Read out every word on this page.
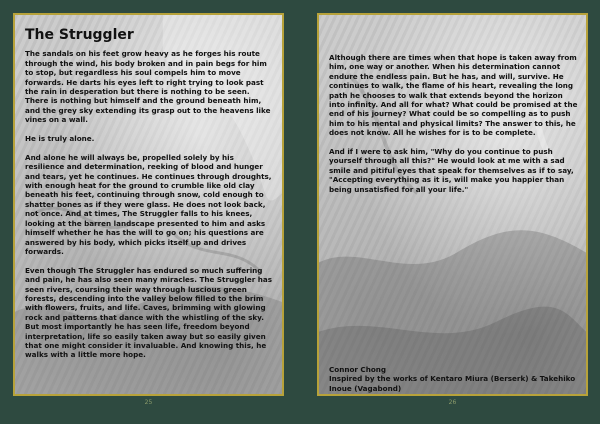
The Struggler

The sandals on his feet grow heavy as he forges his route through the wind, his body broken and in pain begs for him to stop, but regardless his soul compels him to move forwards. He darts his eyes left to right trying to look past the rain in desperation but there is nothing to be seen. There is nothing but himself and the ground beneath him, and the grey sky extending its grasp out to the heavens like vines on a wall.

He is truly alone.

And alone he will always be, propelled solely by his resilience and determination, reeking of blood and hunger and tears, yet he continues. He continues through droughts, with enough heat for the ground to crumble like old clay beneath his feet, continuing through snow, cold enough to shatter bones as if they were glass. He does not look back, not once. And at times, The Struggler falls to his knees, looking at the barren landscape presented to him and asks himself whether he has the will to go on; his questions are answered by his body, which picks itself up and drives forwards.

Even though The Struggler has endured so much suffering and pain, he has also seen many miracles. The Struggler has seen rivers, coursing their way through luscious green forests, descending into the valley below filled to the brim with flowers, fruits, and life. Caves, brimming with glowing rock and patterns that dance with the whistling of the sky. But most importantly he has seen life, freedom beyond interpretation, life so easily taken away but so easily given that one might consider it invaluable. And knowing this, he walks with a little more hope.

25

Although there are times when that hope is taken away from him, one way or another. When his determination cannot endure the endless pain. But he has, and will, survive. He continues to walk, the flame of his heart, revealing the long path he chooses to walk that extends beyond the horizon into infinity. And all for what? What could be promised at the end of his journey? What could be so compelling as to push him to his mental and physical limits? The answer to this, he does not know. All he wishes for is to be complete.

And if I were to ask him, "Why do you continue to push yourself through all this?" He would look at me with a sad smile and pitiful eyes that speak for themselves as if to say, "Accepting everything as it is, will make you happier than being unsatisfied for all your life."

Connor Chong
Inspired by the works of Kentaro Miura (Berserk) & Takehiko Inoue (Vagabond)
26
